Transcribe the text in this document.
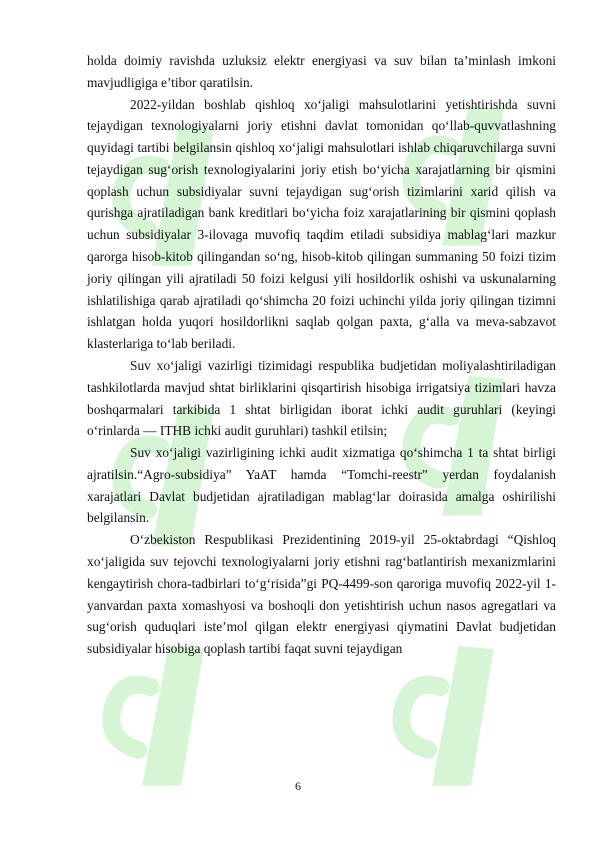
holda doimiy ravishda uzluksiz elektr energiyasi va suv bilan ta’minlash imkoni mavjudligiga e’tibor qaratilsin.

2022-yildan boshlab qishloq xo‘jaligi mahsulotlarini yetishtirishda suvni tejaydigan texnologiyalarni joriy etishni davlat tomonidan qo‘llab-quvvatlashning quyidagi tartibi belgilansin qishloq xo‘jaligi mahsulotlari ishlab chiqaruvchilarga suvni tejaydigan sug‘orish texnologiyalarini joriy etish bo‘yicha xarajatlarning bir qismini qoplash uchun subsidiyalar suvni tejaydigan sug‘orish tizimlarini xarid qilish va qurishga ajratiladigan bank kreditlari bo‘yicha foiz xarajatlarining bir qismini qoplash uchun subsidiyalar 3-ilovaga muvofiq taqdim etiladi subsidiya mablag‘lari mazkur qarorga hisob-kitob qilingandan so‘ng, hisob-kitob qilingan summaning 50 foizi tizim joriy qilingan yili ajratiladi 50 foizi kelgusi yili hosildorlik oshishi va uskunalarning ishlatilishiga qarab ajratiladi qo‘shimcha 20 foizi uchinchi yilda joriy qilingan tizimni ishlatgan holda yuqori hosildorlikni saqlab qolgan paxta, g‘alla va meva-sabzavot klasterlariga to‘lab beriladi.

Suv xo‘jaligi vazirligi tizimidagi respublika budjetidan moliyalashtiriladigan tashkilotlarda mavjud shtat birliklarini qisqartirish hisobiga irrigatsiya tizimlari havza boshqarmalari tarkibida 1 shtat birligidan iborat ichki audit guruhlari (keyingi o‘rinlarda — ITHB ichki audit guruhlari) tashkil etilsin;

Suv xo‘jaligi vazirligining ichki audit xizmatiga qo‘shimcha 1 ta shtat birligi ajratilsin.“Agro-subsidiya” YaAT hamda “Tomchi-reestr” yerdan foydalanish xarajatlari Davlat budjetidan ajratiladigan mablag‘lar doirasida amalga oshirilishi belgilansin.

O‘zbekiston Respublikasi Prezidentining 2019-yil 25-oktabrdagi “Qishloq xo‘jaligida suv tejovchi texnologiyalarni joriy etishni rag‘batlantirish mexanizmlarini kengaytirish chora-tadbirlari to‘g‘risida”gi PQ-4499-son qaroriga muvofiq 2022-yil 1-yanvardan paxta xomashyosi va boshoqli don yetishtirish uchun nasos agregatlari va sug‘orish quduqlari iste’mol qilgan elektr energiyasi qiymatini Davlat budjetidan subsidiyalar hisobiga qoplash tartibi faqat suvni tejaydigan

6
